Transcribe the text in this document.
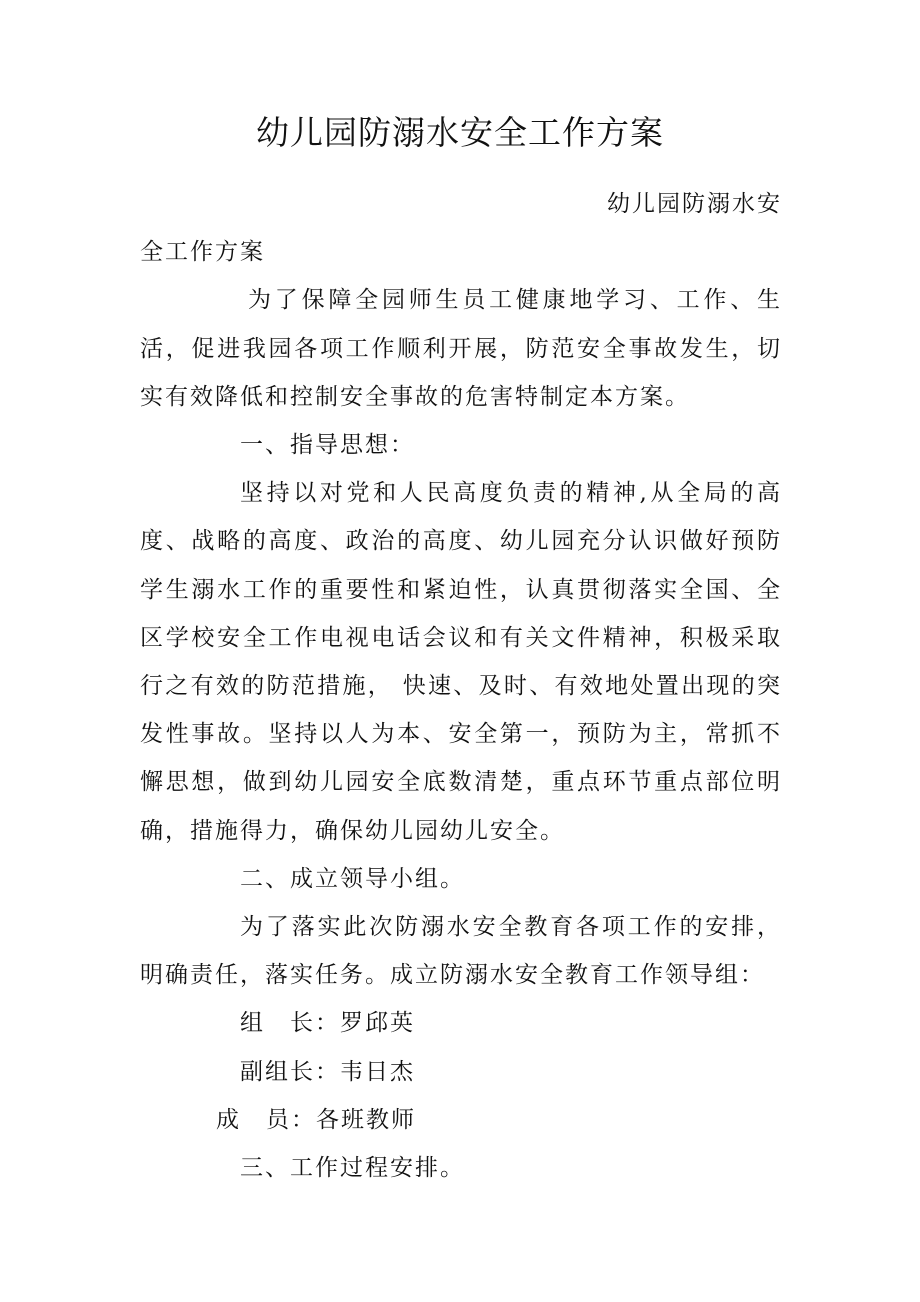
幼儿园防溺水安全工作方案

幼儿园防溺水安

全工作方案

为了保障全园师生员工健康地学习、工作、生活，促进我园各项工作顺利开展，防范安全事故发生，切实有效降低和控制安全事故的危害特制定本方案。

一、指导思想：

坚持以对党和人民高度负责的精神,从全局的高度、战略的高度、政治的高度、幼儿园充分认识做好预防学生溺水工作的重要性和紧迫性，认真贯彻落实全国、全区学校安全工作电视电话会议和有关文件精神，积极采取行之有效的防范措施， 快速、及时、有效地处置出现的突发性事故。坚持以人为本、安全第一，预防为主，常抓不懈思想，做到幼儿园安全底数清楚，重点环节重点部位明确，措施得力，确保幼儿园幼儿安全。

二、成立领导小组。

为了落实此次防溺水安全教育各项工作的安排，明确责任，落实任务。成立防溺水安全教育工作领导组：

组　长：罗邱英

副组长：韦日杰

成　员：各班教师

三、工作过程安排。
